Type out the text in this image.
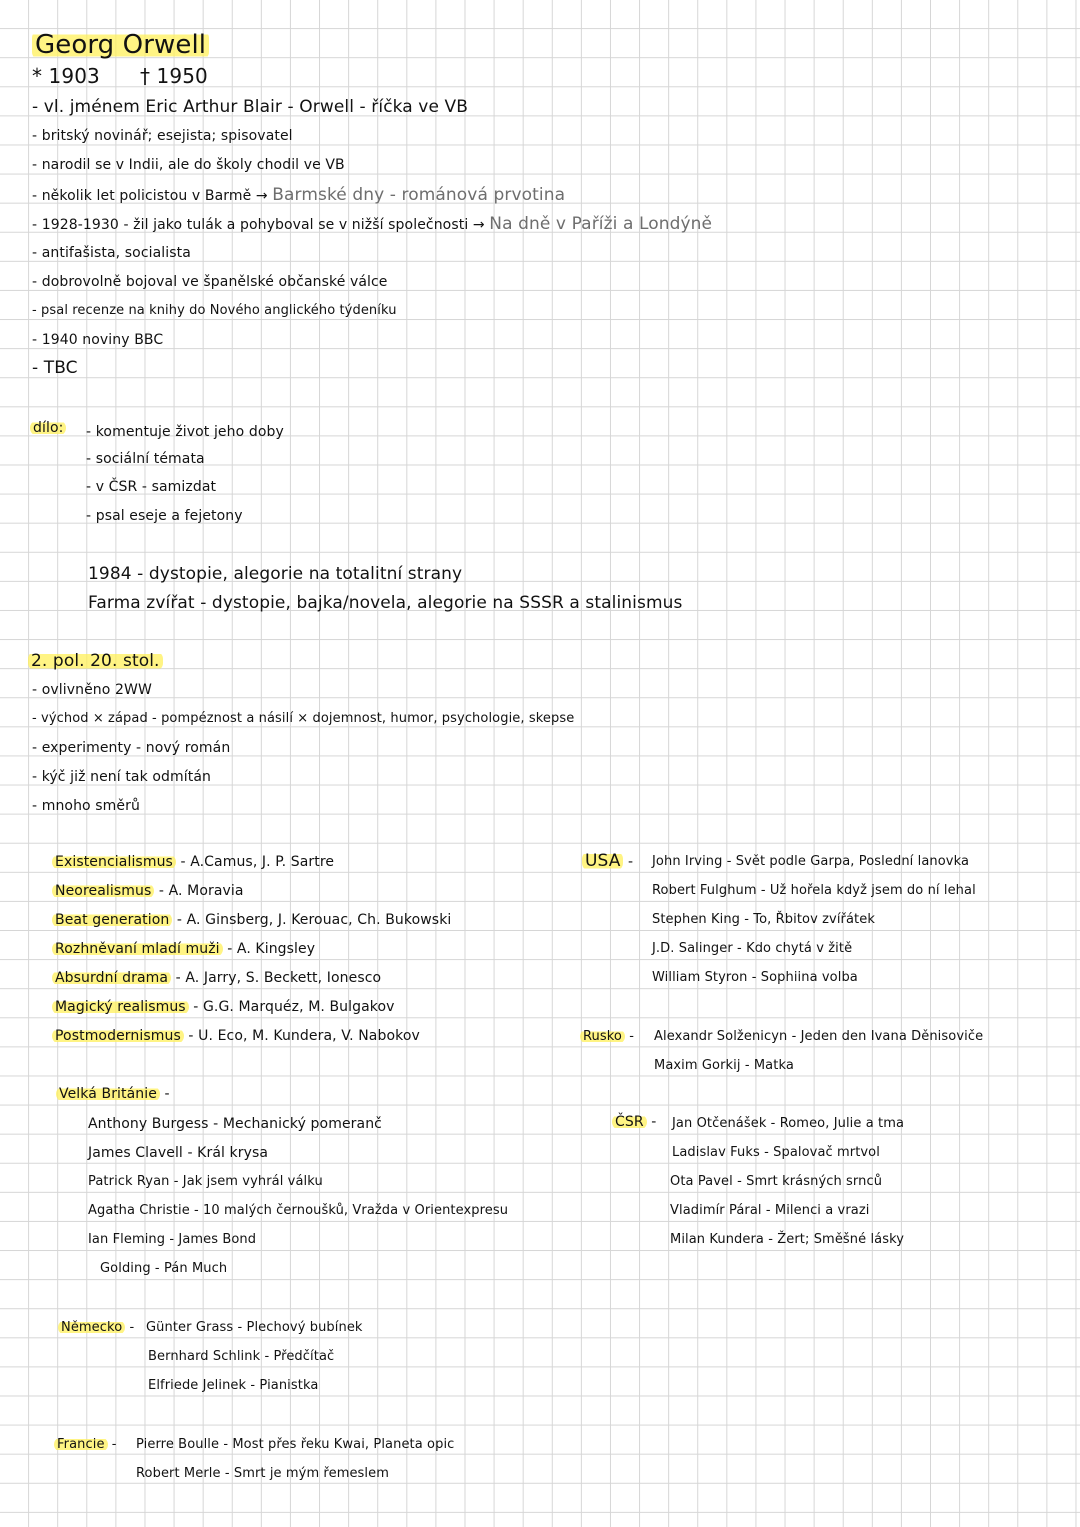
Georg Orwell
* 1903 † 1950
- vl. jménem Eric Arthur Blair - Orwell - říčka ve VB
- britský novinář; esejista; spisovatel
- narodil se v Indii, ale do školy chodil ve VB
- několik let policistou v Barmě → Barmské dny - románová prvotina
- 1928-1930 - žil jako tulák a pohyboval se v nižší společnosti → Na dně v Paříži a Londýně
- antifašista, socialista
- dobrovolně bojoval ve španělské občanské válce
- psal recenze na knihy do Nového anglického týdeníku
- 1940 noviny BBC
- TBC
dílo: - komentuje život jeho doby
- sociální témata
- v ČSR - samizdat
- psal eseje a fejetony
1984 - dystopie, alegorie na totalitní strany
Farma zvířat - dystopie, bajka/novela, alegorie na SSSR a stalinismus
2. pol. 20. stol.
- ovlivněno 2WW
- východ × západ - pompéznost a násilí × dojemnost, humor, psychologie, skepse
- experimenty - nový román
- kýč již není tak odmítán
- mnoho směrů
Existencialismus - A.Camus, J. P. Sartre
Neorealismus - A. Moravia
Beat generation - A. Ginsberg, J. Kerouac, Ch. Bukowski
Rozhněvaní mladí muži - A. Kingsley
Absurdní drama - A. Jarry, S. Beckett, Ionesco
Magický realismus - G.G. Marquéz, M. Bulgakov
Postmodernismus - U. Eco, M. Kundera, V. Nabokov
Velká Británie -
Anthony Burgess - Mechanický pomeranč
James Clavell - Král krysa
Patrick Ryan - Jak jsem vyhrál válku
Agatha Christie - 10 malých černoušků, Vražda v Orientexpresu
Ian Fleming - James Bond
Golding - Pán Much
Německo - Günter Grass - Plechový bubínek
Bernhard Schlink - Předčítač
Elfriede Jelinek - Pianistka
Francie - Pierre Boulle - Most přes řeku Kwai, Planeta opic
Robert Merle - Smrt je mým řemeslem
USA - John Irving - Svět podle Garpa, Poslední lanovka
Robert Fulghum - Už hořela když jsem do ní lehal
Stephen King - To, Řbitov zvířátek
J.D. Salinger - Kdo chytá v žitě
William Styron - Sophiina volba
Rusko - Alexandr Solženicyn - Jeden den Ivana Děnisoviče
Maxim Gorkij - Matka
ČSR - Jan Otčenášek - Romeo, Julie a tma
Ladislav Fuks - Spalovač mrtvol
Ota Pavel - Smrt krásných srnců
Vladimír Páral - Milenci a vrazi
Milan Kundera - Žert; Směšné lásky
